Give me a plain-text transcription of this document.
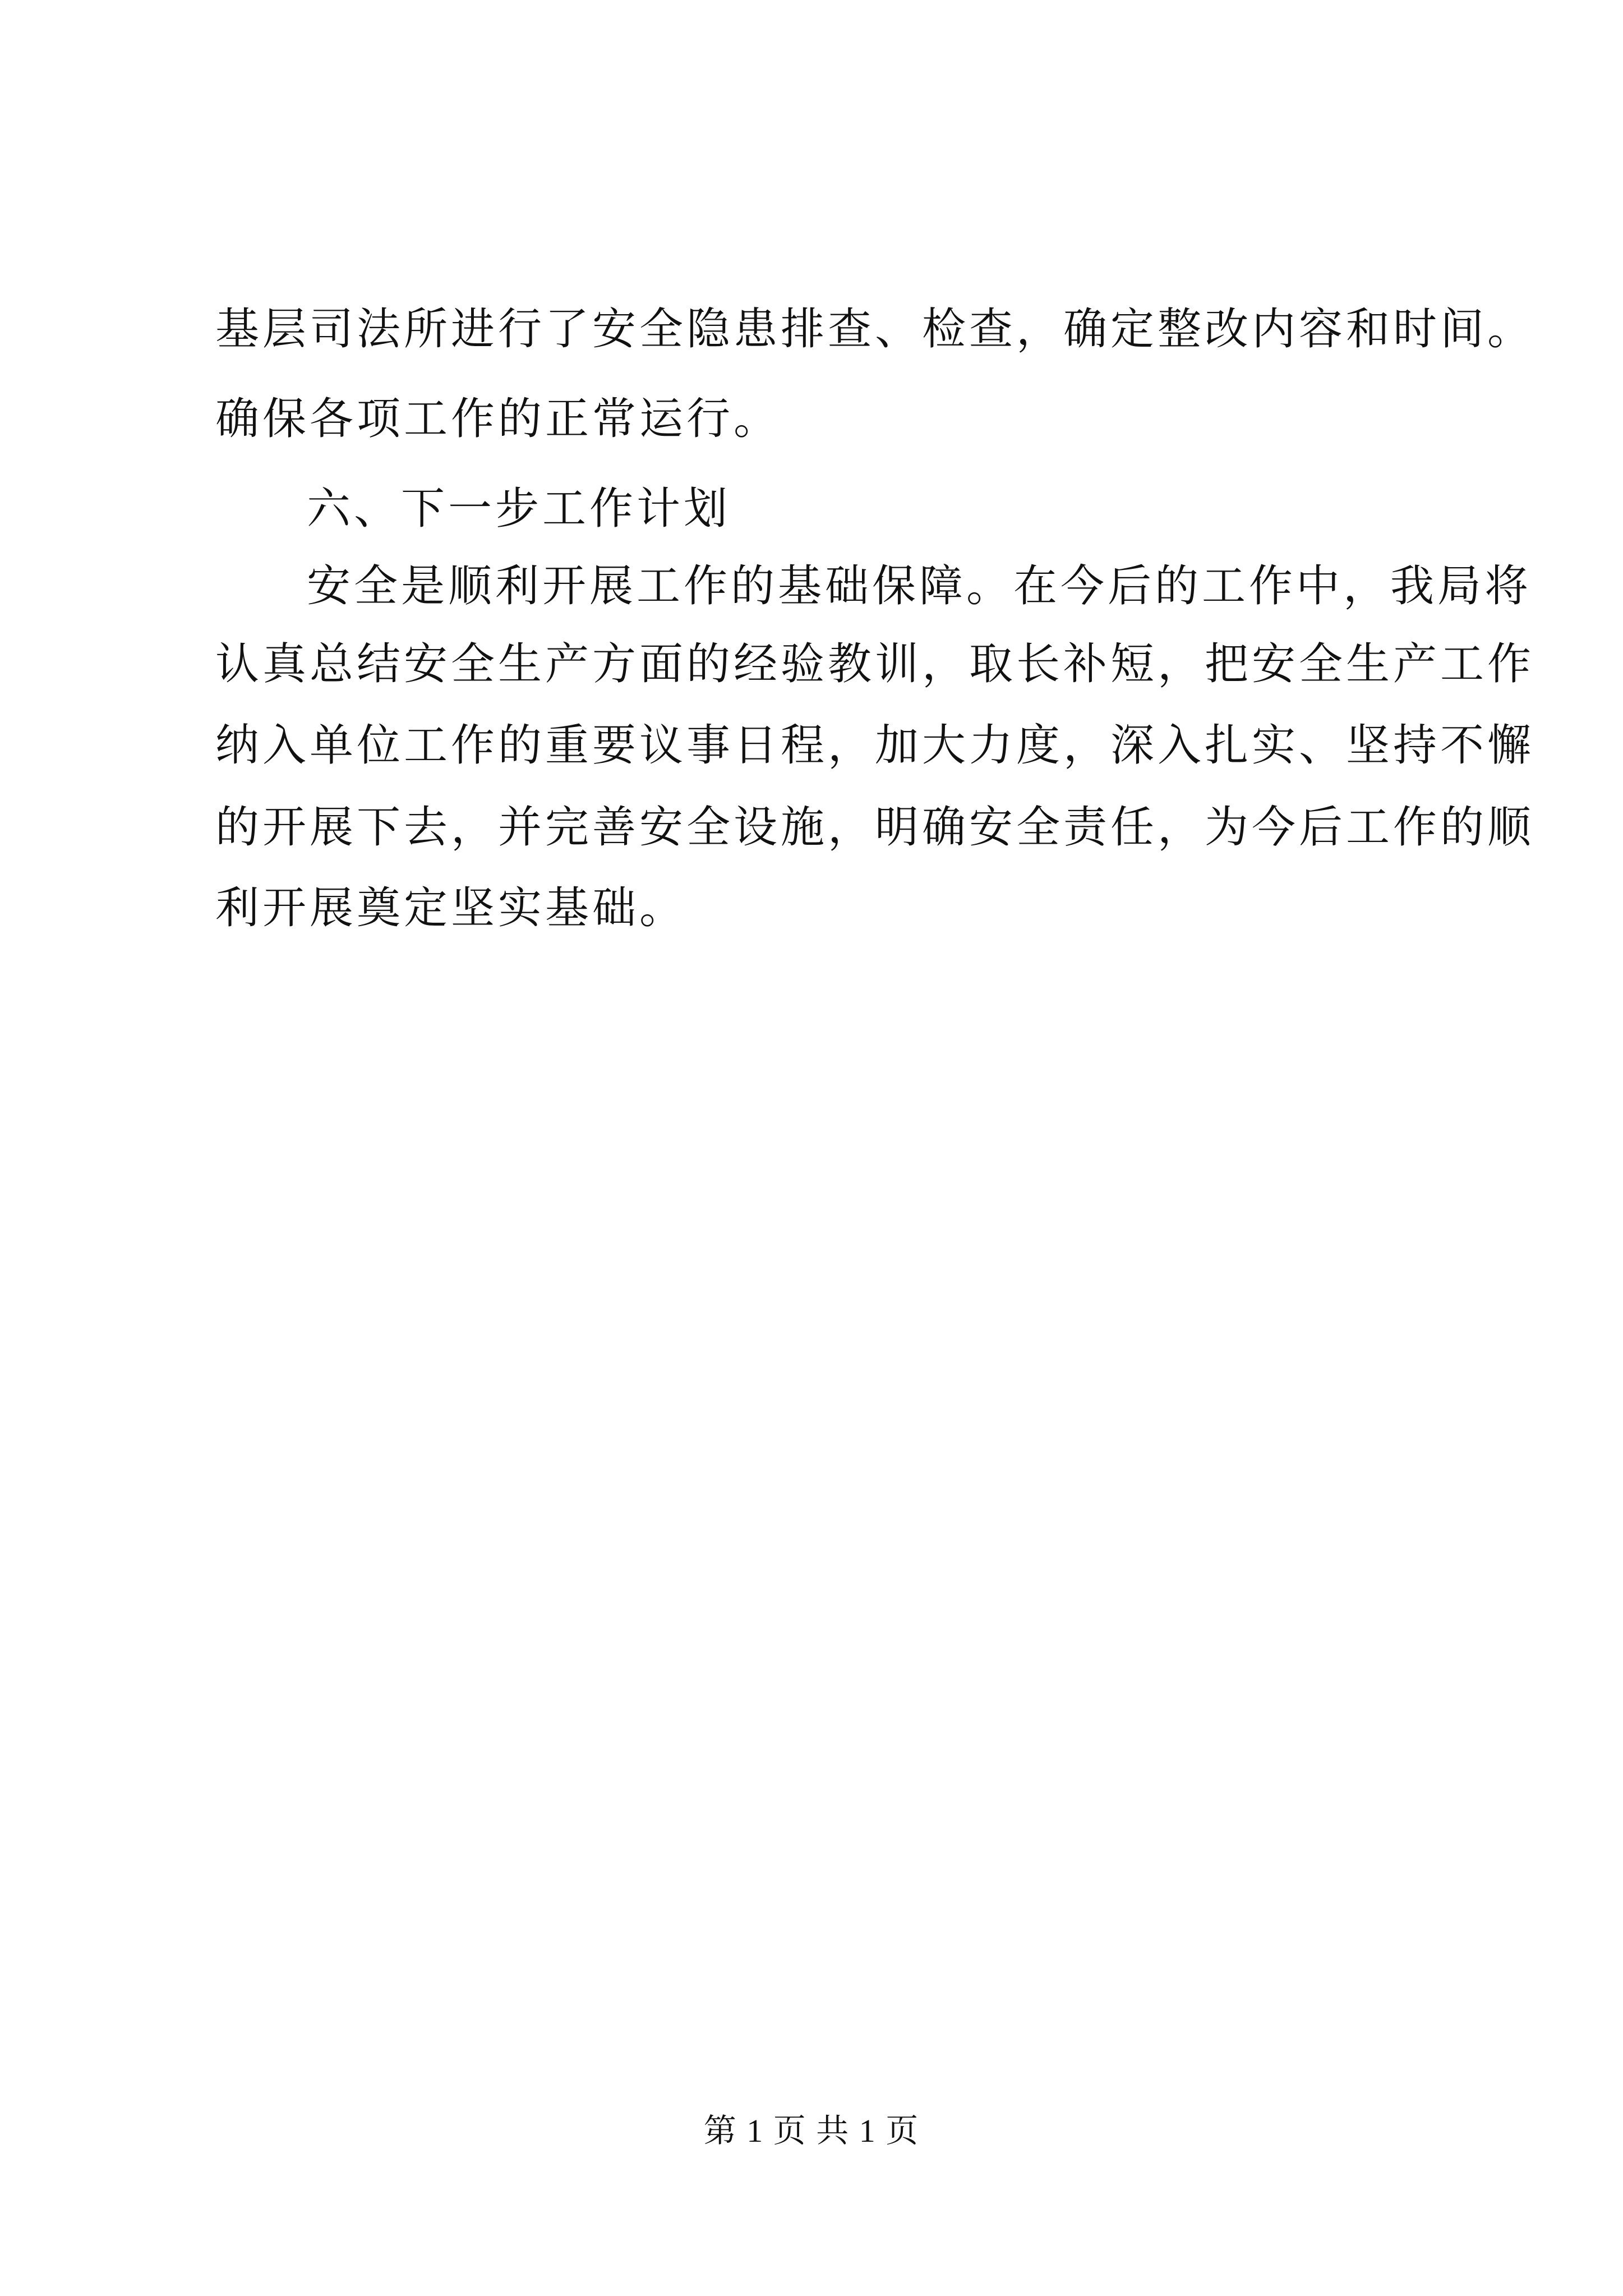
基层司法所进行了安全隐患排查、检查，确定整改内容和时间。
确保各项工作的正常运行。
六、下一步工作计划
安全是顺利开展工作的基础保障。在今后的工作中，我局将
认真总结安全生产方面的经验教训，取长补短，把安全生产工作
纳入单位工作的重要议事日程，加大力度，深入扎实、坚持不懈
的开展下去，并完善安全设施，明确安全责任，为今后工作的顺
利开展奠定坚实基础。
第 1 页 共 1 页
